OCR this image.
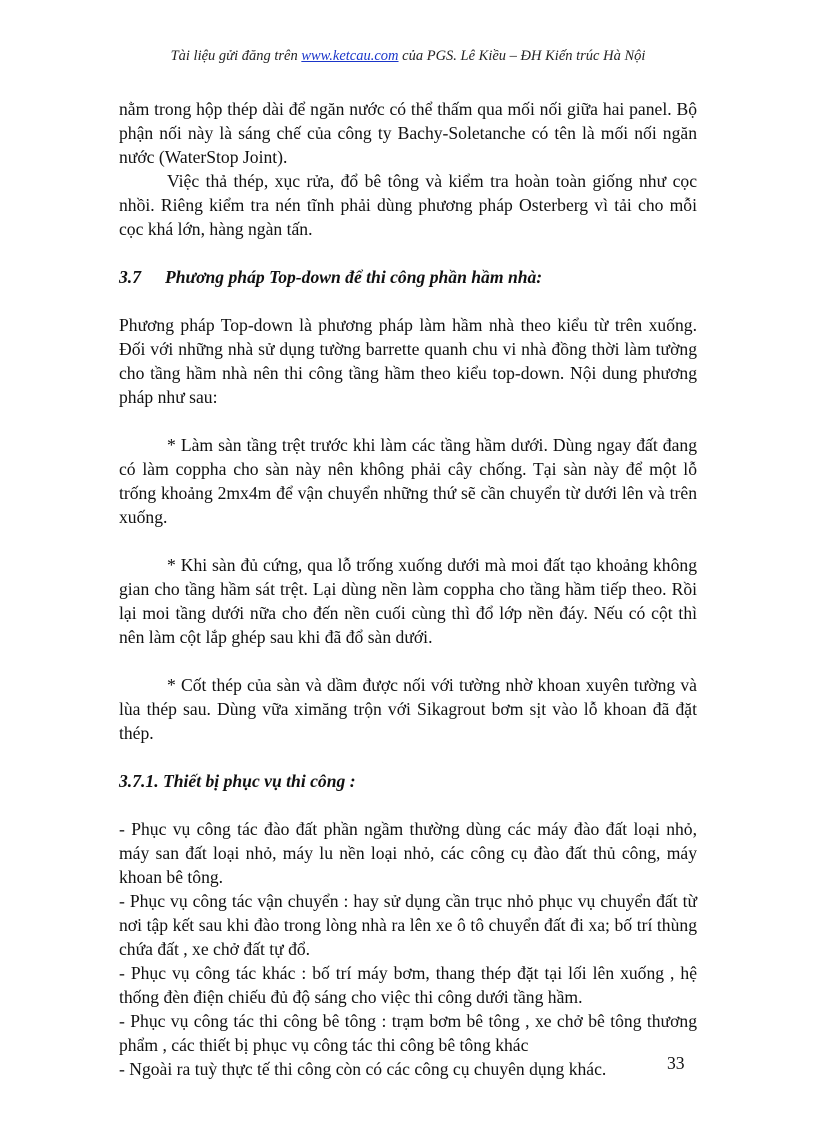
Tài liệu gửi đăng trên www.ketcau.com của PGS. Lê Kiều – ĐH Kiến trúc Hà Nội

nằm trong hộp thép dài để ngăn nước có thể thấm qua mối nối giữa hai panel. Bộ phận nối này là sáng chế của công ty Bachy-Soletanche có tên là mối nối ngăn nước (WaterStop Joint).

Việc thả thép, xục rửa, đổ bê tông và kiểm tra hoàn toàn giống như cọc nhồi. Riêng kiểm tra nén tĩnh phải dùng phương pháp Osterberg vì tải cho mỗi cọc khá lớn, hàng ngàn tấn.

3.7	Phương pháp Top-down để thi công phần hầm nhà:

Phương pháp Top-down là phương pháp làm hầm nhà theo kiểu từ trên xuống. Đối với những nhà sử dụng tường barrette quanh chu vi nhà đồng thời làm tường cho tầng hầm nhà nên thi công tầng hầm theo kiểu top-down. Nội dung phương pháp như sau:

* Làm sàn tầng trệt trước khi làm các tầng hầm dưới. Dùng ngay đất đang có làm coppha cho sàn này nên không phải cây chống. Tại sàn này để một lỗ trống khoảng 2mx4m để vận chuyển những thứ sẽ cần chuyển từ dưới lên và trên xuống.

* Khi sàn đủ cứng, qua lỗ trống xuống dưới mà moi đất tạo khoảng không gian cho tầng hầm sát trệt. Lại dùng nền làm coppha cho tầng hầm tiếp theo. Rồi lại moi tầng dưới nữa cho đến nền cuối cùng thì đổ lớp nền đáy. Nếu có cột thì nên làm cột lắp ghép sau khi đã đổ sàn dưới.

* Cốt thép của sàn và dầm được nối với tường nhờ khoan xuyên tường và lùa thép sau. Dùng vữa ximăng trộn với Sikagrout bơm sịt vào lỗ khoan đã đặt thép.

3.7.1. Thiết bị phục vụ thi công :

- Phục vụ công tác đào đất phần ngầm thường dùng các máy đào đất loại nhỏ, máy san đất loại nhỏ, máy lu nền loại nhỏ, các công cụ đào đất thủ công, máy khoan bê tông.

- Phục vụ công tác vận chuyển : hay sử dụng cần trục nhỏ phục vụ chuyển đất từ nơi tập kết sau khi đào trong lòng nhà ra lên xe ô tô chuyển đất đi xa; bố trí thùng chứa đất , xe chở đất tự đổ.

- Phục vụ công tác khác : bố trí máy bơm, thang thép đặt tại lối lên xuống , hệ thống đèn điện chiếu đủ độ sáng cho việc thi công dưới tầng hầm.

- Phục vụ công tác thi công bê tông : trạm bơm bê tông , xe chở bê tông thương phẩm , các thiết bị phục vụ công tác thi công bê tông khác

- Ngoài ra tuỳ thực tế thi công còn có các công cụ chuyên dụng khác.	33
